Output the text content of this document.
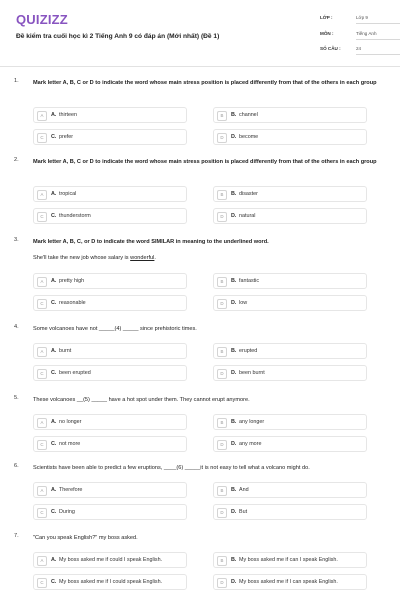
QUIZIZZ
Đề kiểm tra cuối học kì 2 Tiếng Anh 9 có đáp án (Mới nhất) (Đề 1)
LỚP :	Lớp 9
MÔN :	Tiếng Anh
SỐ CÂU :	24
1.	Mark letter A, B, C or D to indicate the word whose main stress position is placed differently from that of the others in each group
A	A. thirteen	B	B. channel
C	C. prefer	D	D. become
2.	Mark letter A, B, C or D to indicate the word whose main stress position is placed differently from that of the others in each group
A	A. tropical	B	B. disaster
C	C. thunderstorm	D	D. natural
3.	Mark letter A, B, C, or D to indicate the word SIMILAR in meaning to the underlined word.
She'll take the new job whose salary is wonderful.
A	A. pretty high	B	B. fantastic
C	C. reasonable	D	D. low
4.	Some volcanoes have not _____(4) _____ since prehistoric times.
A	A. burnt	B	B. erupted
C	C. been erupted	D	D. been burnt
5.	These volcanoes __(5) _____ have a hot spot under them. They cannot erupt anymore.
A	A. no longer	B	B. any longer
C	C. not more	D	D. any more
6.	Scientists have been able to predict a few eruptions, ____(6) _____it is not easy to tell what a volcano might do.
A	A. Therefore	B	B. And
C	C. During	D	D. But
7.	"Can you speak English?" my boss asked.
A	A. My boss asked me if could I speak English.	B	B. My boss asked me if can I speak English.
C	C. My boss asked me if I could speak English.	D	D. My boss asked me if I can speak English.
